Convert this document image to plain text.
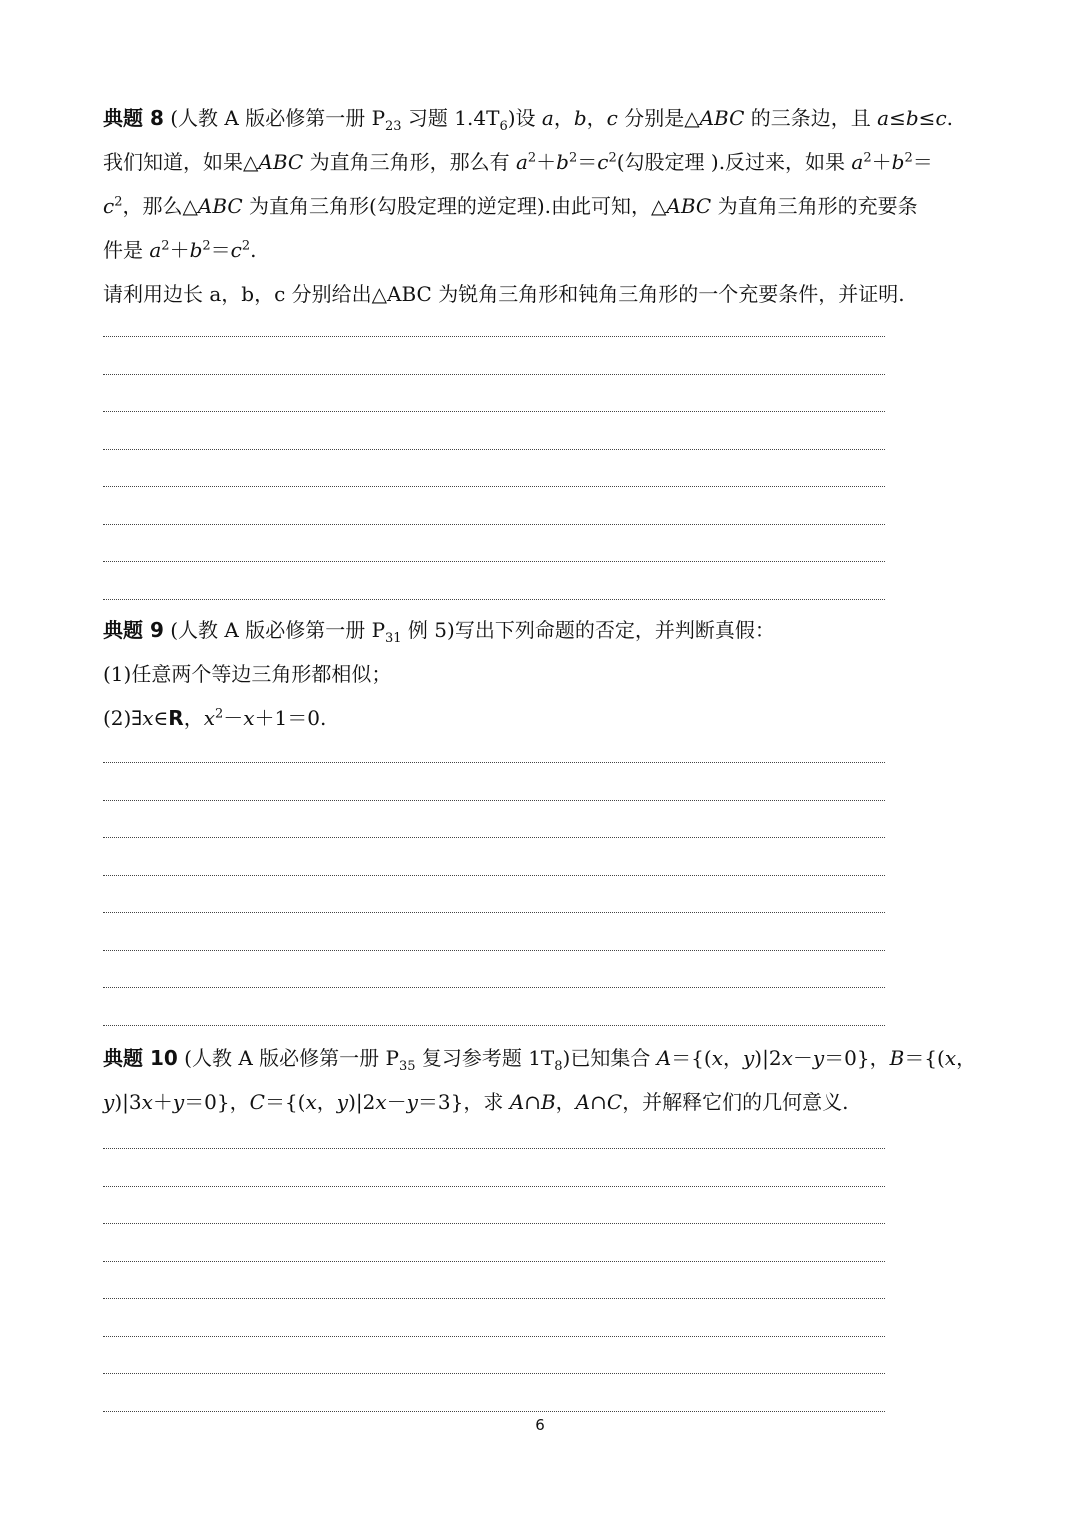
典题 8 (人教 A 版必修第一册 $P_{23}$ 习题 $1.4T_6$)设 a，b，c 分别是△ABC 的三条边，且 a≤b≤c.
我们知道，如果△ABC 为直角三角形，那么有 $a^2+b^2=c^2$(勾股定理 ).反过来，如果 $a^2+b^2=$
$c^2$，那么△ABC 为直角三角形(勾股定理的逆定理).由此可知，△ABC 为直角三角形的充要条
件是 $a^2+b^2=c^2$.
请利用边长 a，b，c 分别给出△ABC 为锐角三角形和钝角三角形的一个充要条件，并证明.
典题 9 (人教 A 版必修第一册 $P_{31}$ 例 5)写出下列命题的否定，并判断真假：
(1)任意两个等边三角形都相似；
(2)∃x∈R，$x^2-x+1=0$.
典题 10 (人教 A 版必修第一册 $P_{35}$ 复习参考题 $1T_8$)已知集合 A＝{(x，y)|2x－y＝0}，B＝{(x，
y)|3x＋y＝0}，C＝{(x，y)|2x－y＝3}，求 A∩B，A∩C，并解释它们的几何意义.
6
